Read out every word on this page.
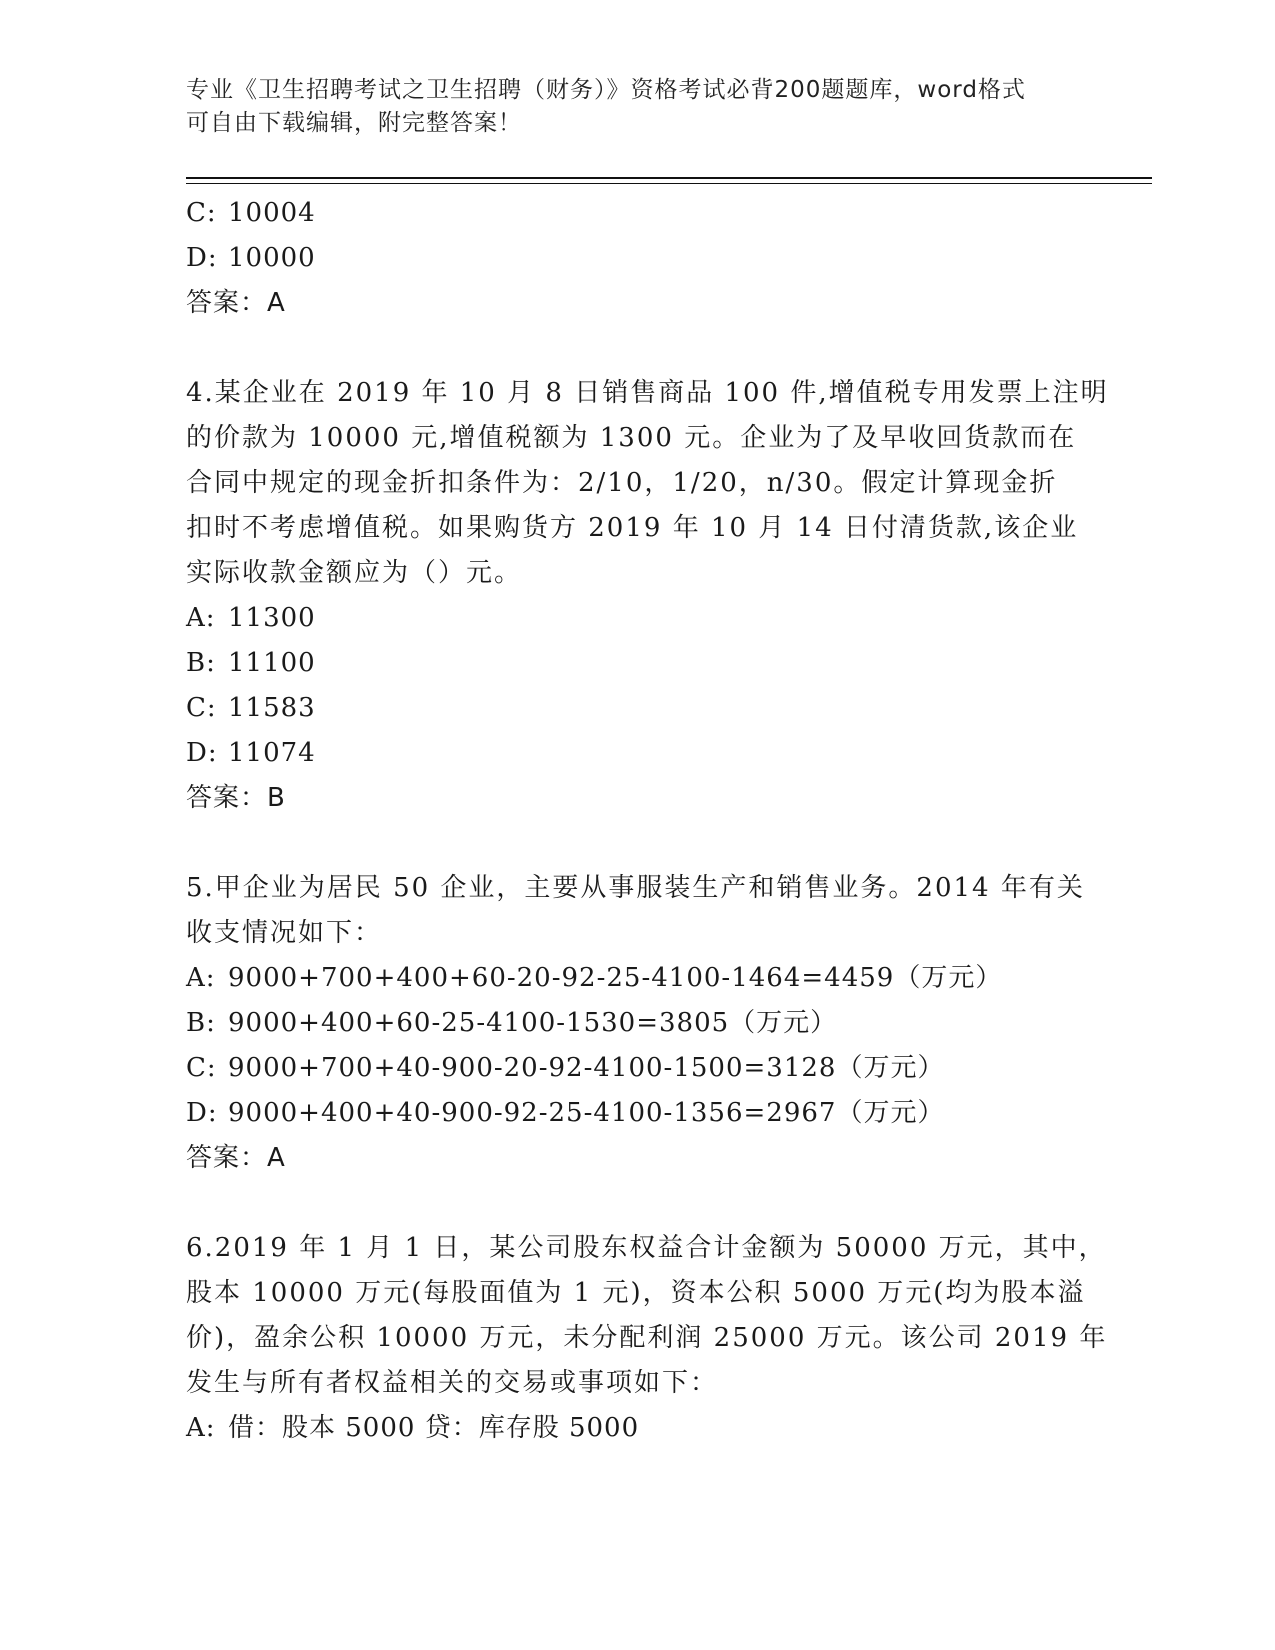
专业《卫生招聘考试之卫生招聘（财务）》资格考试必背200题题库，word格式
可自由下载编辑，附完整答案！
C: 10004
D: 10000
答案：A
4.某企业在 2019 年 10 月 8 日销售商品 100 件,增值税专用发票上注明
的价款为 10000 元,增值税额为 1300 元。企业为了及早收回货款而在
合同中规定的现金折扣条件为：2/10，1/20，n/30。假定计算现金折
扣时不考虑增值税。如果购货方 2019 年 10 月 14 日付清货款,该企业
实际收款金额应为（）元。
A: 11300
B: 11100
C: 11583
D: 11074
答案：B
5.甲企业为居民 50 企业，主要从事服装生产和销售业务。2014 年有关
收支情况如下：
A: 9000+700+400+60-20-92-25-4100-1464=4459（万元）
B: 9000+400+60-25-4100-1530=3805（万元）
C: 9000+700+40-900-20-92-4100-1500=3128（万元）
D: 9000+400+40-900-92-25-4100-1356=2967（万元）
答案：A
6.2019 年 1 月 1 日，某公司股东权益合计金额为 50000 万元，其中，
股本 10000 万元(每股面值为 1 元)，资本公积 5000 万元(均为股本溢
价)，盈余公积 10000 万元，未分配利润 25000 万元。该公司 2019 年
发生与所有者权益相关的交易或事项如下：
A: 借：股本 5000 贷：库存股 5000
